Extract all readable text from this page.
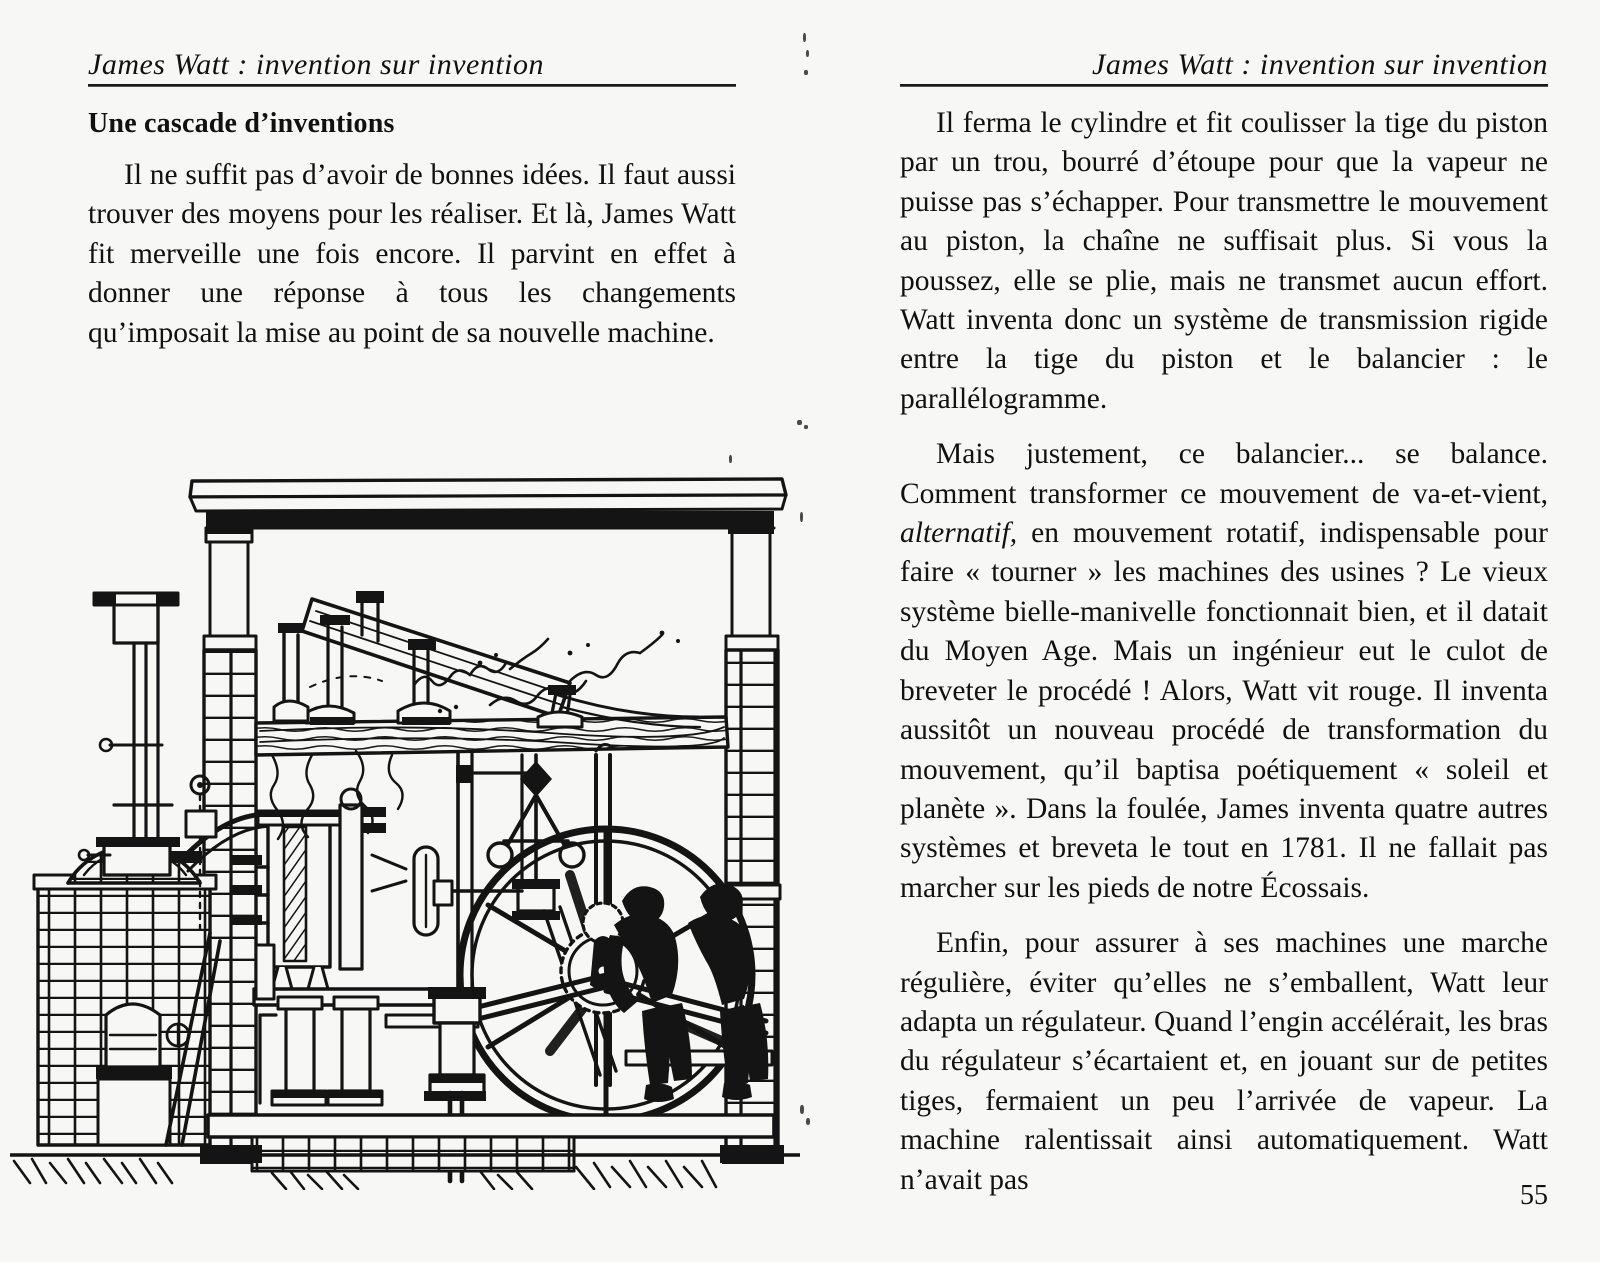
James Watt : invention sur invention
Une cascade d’inventions

Il ne suffit pas d’avoir de bonnes idées. Il faut aussi trouver des moyens pour les réaliser. Et là, James Watt fit merveille une fois encore. Il parvint en effet à donner une réponse à tous les changements qu’imposait la mise au point de sa nouvelle machine.

James Watt : invention sur invention

Il ferma le cylindre et fit coulisser la tige du piston par un trou, bourré d’étoupe pour que la vapeur ne puisse pas s’échapper. Pour transmettre le mouvement au piston, la chaîne ne suffisait plus. Si vous la poussez, elle se plie, mais ne transmet aucun effort. Watt inventa donc un système de transmission rigide entre la tige du piston et le balancier : le parallélogramme.

Mais justement, ce balancier... se balance. Comment transformer ce mouvement de va-et-vient, alternatif, en mouvement rotatif, indispensable pour faire « tourner » les machines des usines ? Le vieux système bielle-manivelle fonctionnait bien, et il datait du Moyen Age. Mais un ingénieur eut le culot de breveter le procédé ! Alors, Watt vit rouge. Il inventa aussitôt un nouveau procédé de transformation du mouvement, qu’il baptisa poétiquement « soleil et planète ». Dans la foulée, James inventa quatre autres systèmes et breveta le tout en 1781. Il ne fallait pas marcher sur les pieds de notre Écossais.

Enfin, pour assurer à ses machines une marche régulière, éviter qu’elles ne s’emballent, Watt leur adapta un régulateur. Quand l’engin accélérait, les bras du régulateur s’écartaient et, en jouant sur de petites tiges, fermaient un peu l’arrivée de vapeur. La machine ralentissait ainsi automatiquement. Watt n’avait pas	55
